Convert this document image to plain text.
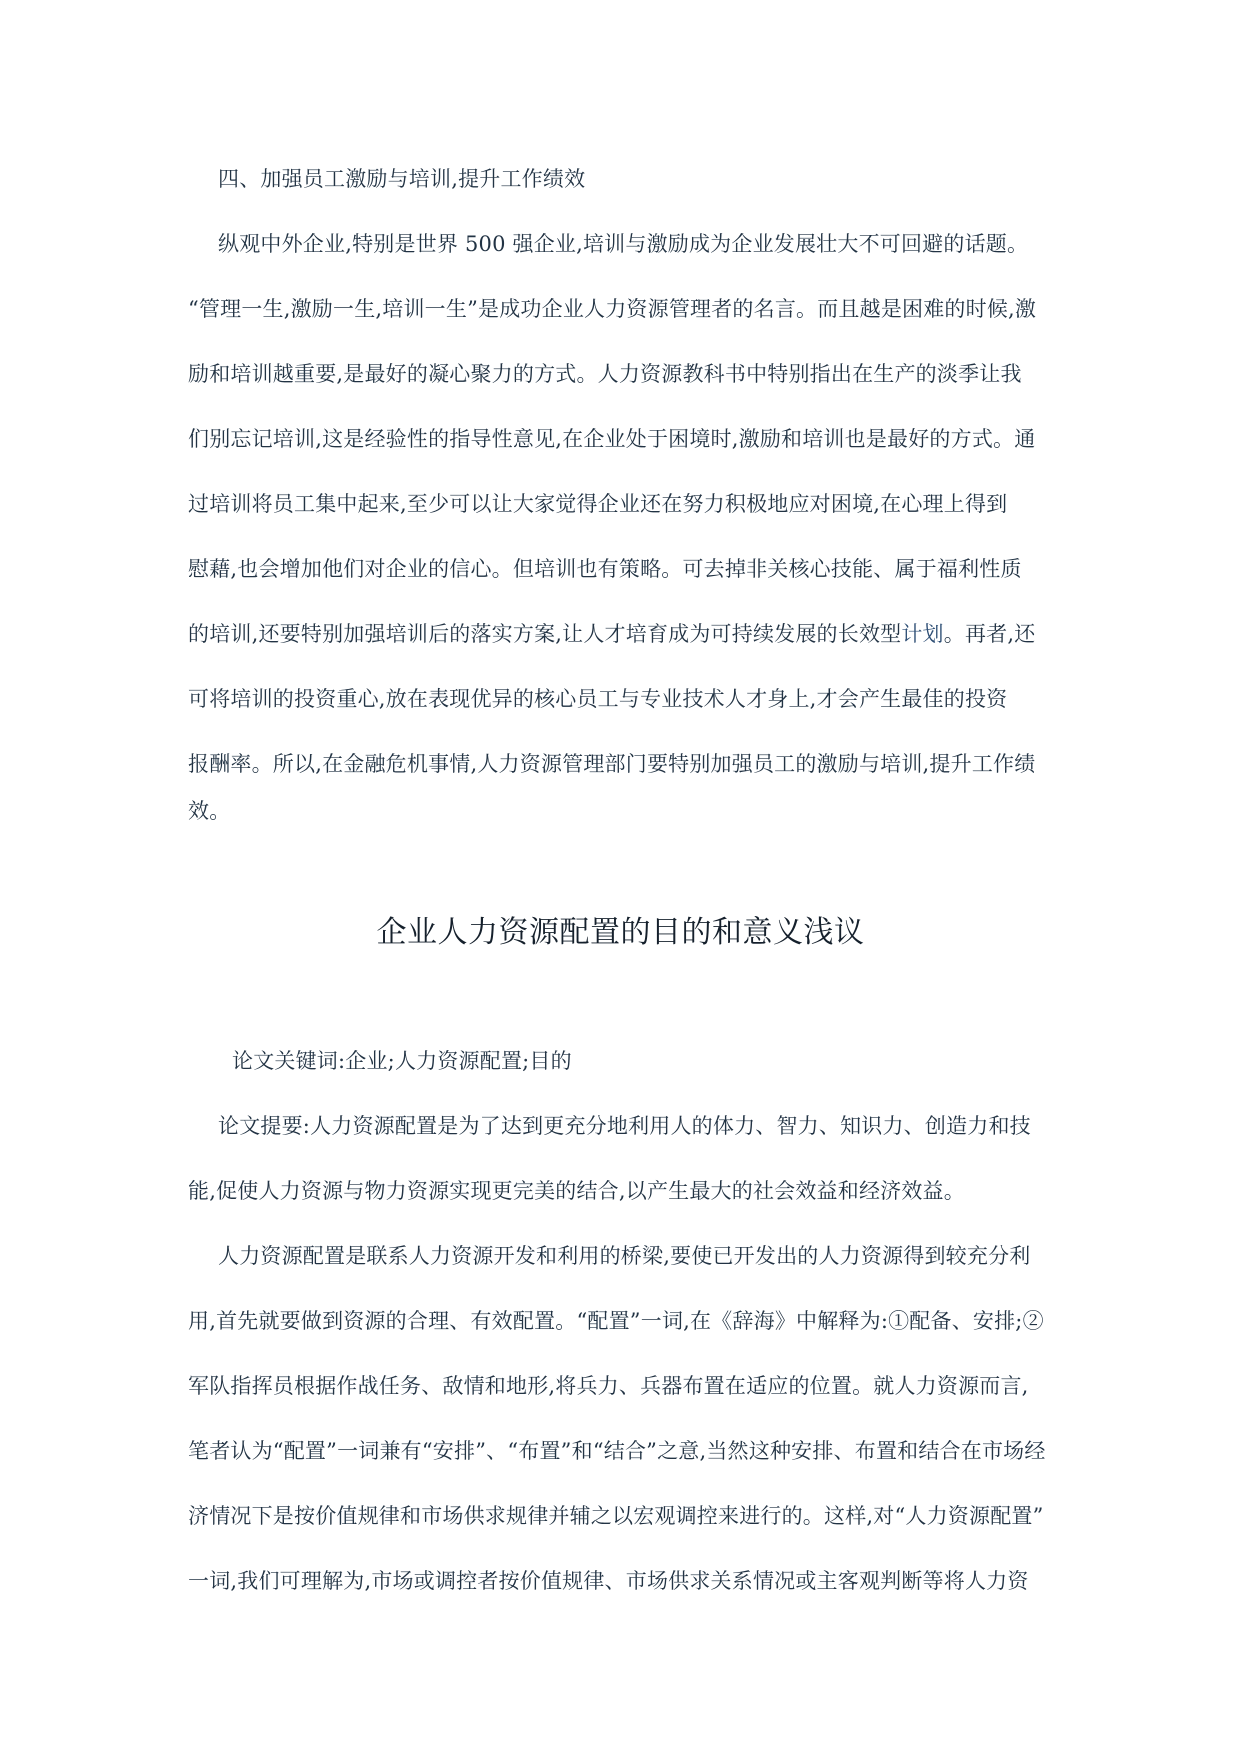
四、加强员工激励与培训,提升工作绩效
纵观中外企业,特别是世界 500 强企业,培训与激励成为企业发展壮大不可回避的话题。
“管理一生,激励一生,培训一生”是成功企业人力资源管理者的名言。而且越是困难的时候,激
励和培训越重要,是最好的凝心聚力的方式。人力资源教科书中特别指出在生产的淡季让我
们别忘记培训,这是经验性的指导性意见,在企业处于困境时,激励和培训也是最好的方式。通
过培训将员工集中起来,至少可以让大家觉得企业还在努力积极地应对困境,在心理上得到
慰藉,也会增加他们对企业的信心。但培训也有策略。可去掉非关核心技能、属于福利性质
的培训,还要特别加强培训后的落实方案,让人才培育成为可持续发展的长效型计划。再者,还
可将培训的投资重心,放在表现优异的核心员工与专业技术人才身上,才会产生最佳的投资
报酬率。所以,在金融危机事情,人力资源管理部门要特别加强员工的激励与培训,提升工作绩
效。
企业人力资源配置的目的和意义浅议
论文关键词:企业;人力资源配置;目的
论文提要:人力资源配置是为了达到更充分地利用人的体力、智力、知识力、创造力和技
能,促使人力资源与物力资源实现更完美的结合,以产生最大的社会效益和经济效益。
人力资源配置是联系人力资源开发和利用的桥梁,要使已开发出的人力资源得到较充分利
用,首先就要做到资源的合理、有效配置。“配置”一词,在《辞海》中解释为:①配备、安排;②
军队指挥员根据作战任务、敌情和地形,将兵力、兵器布置在适应的位置。就人力资源而言,
笔者认为“配置”一词兼有“安排”、“布置”和“结合”之意,当然这种安排、布置和结合在市场经
济情况下是按价值规律和市场供求规律并辅之以宏观调控来进行的。这样,对“人力资源配置”
一词,我们可理解为,市场或调控者按价值规律、市场供求关系情况或主客观判断等将人力资
